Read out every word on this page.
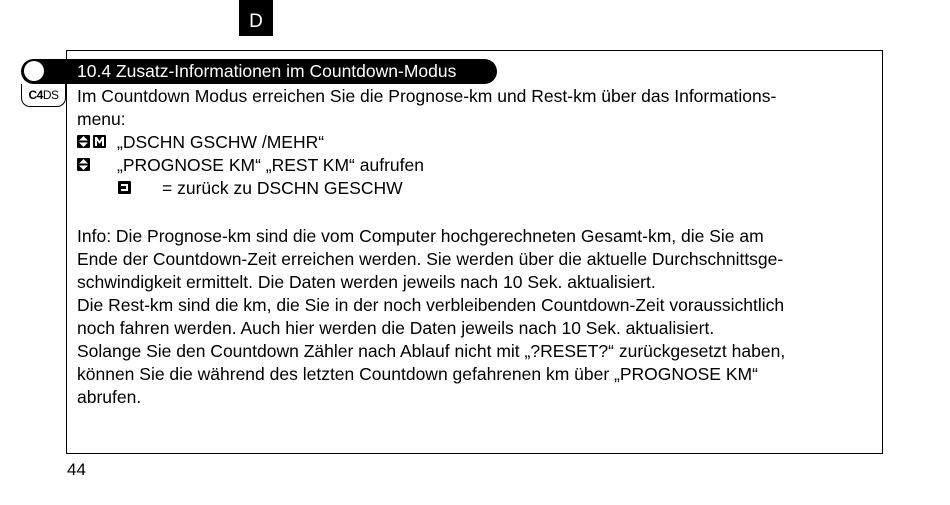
D
10.4 Zusatz-Informationen im Countdown-Modus
C4DS	Im Countdown Modus erreichen Sie die Prognose-km und Rest-km über das Informations-
menu:
„DSCHN GSCHW /MEHR“
„PROGNOSE KM“ „REST KM“ aufrufen
= zurück zu DSCHN GESCHW
Info: Die Prognose-km sind die vom Computer hochgerechneten Gesamt-km, die Sie am
Ende der Countdown-Zeit erreichen werden. Sie werden über die aktuelle Durchschnittsge-
schwindigkeit ermittelt. Die Daten werden jeweils nach 10 Sek. aktualisiert.
Die Rest-km sind die km, die Sie in der noch verbleibenden Countdown-Zeit voraussichtlich
noch fahren werden. Auch hier werden die Daten jeweils nach 10 Sek. aktualisiert.
Solange Sie den Countdown Zähler nach Ablauf nicht mit „?RESET?“ zurückgesetzt haben,
können Sie die während des letzten Countdown gefahrenen km über „PROGNOSE KM“
abrufen.
44
